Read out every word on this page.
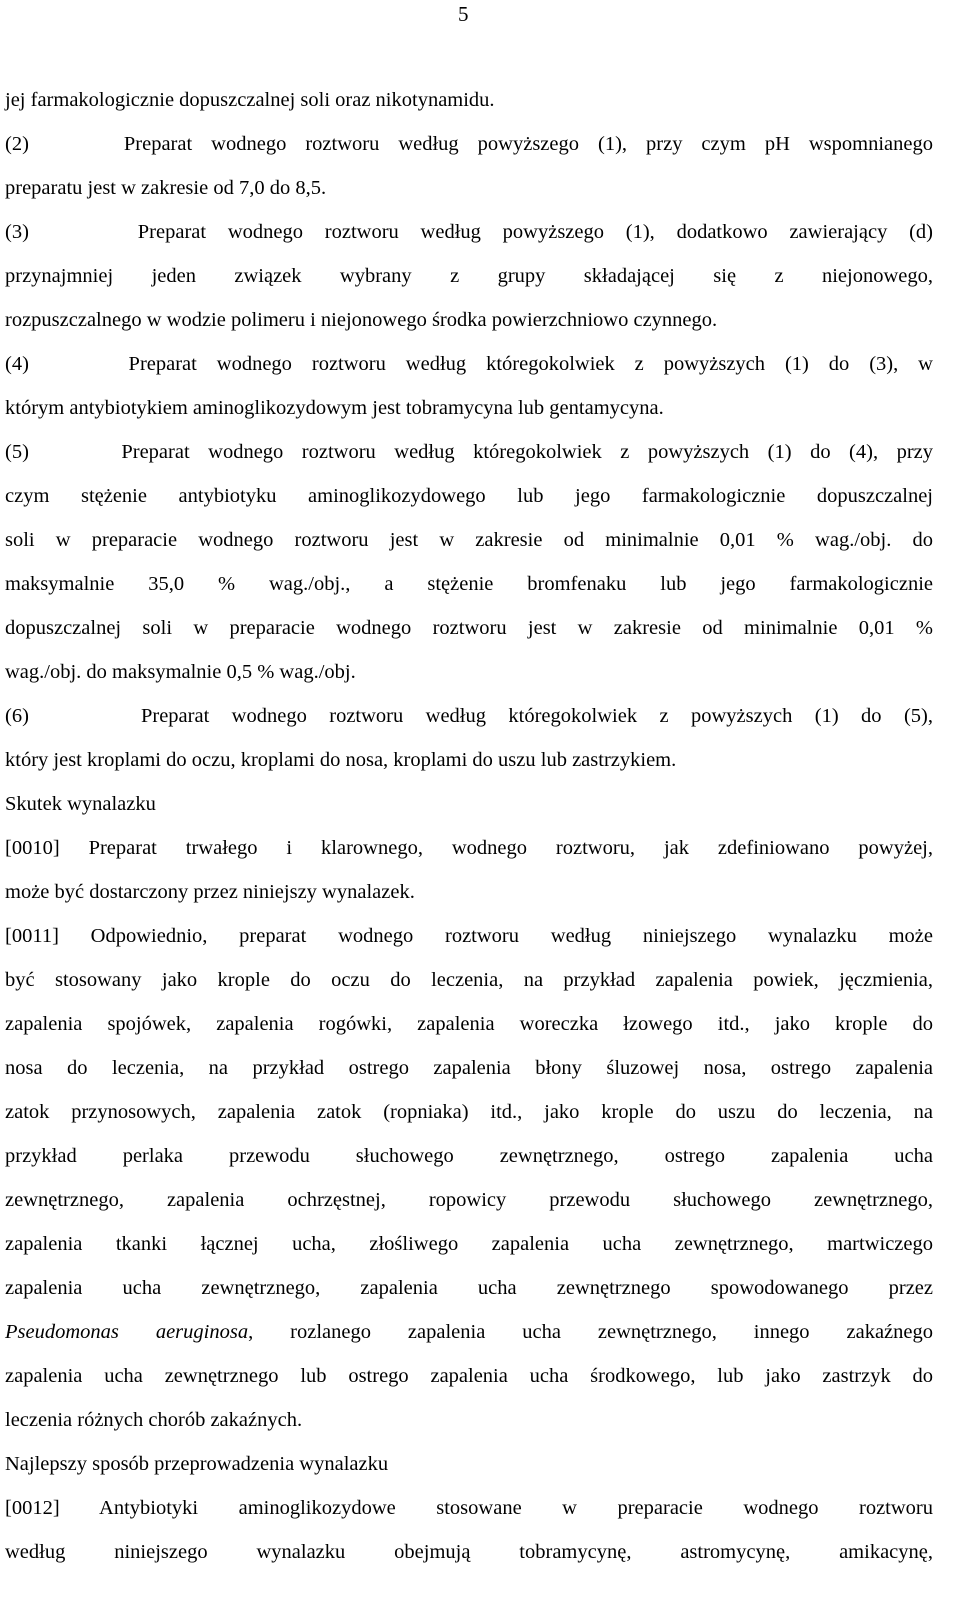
5
jej farmakologicznie dopuszczalnej soli oraz nikotynamidu.
(2)     Preparat wodnego roztworu według powyższego (1), przy czym pH wspomnianego
preparatu jest w zakresie od 7,0 do 8,5.
(3)     Preparat wodnego roztworu według powyższego (1), dodatkowo zawierający (d)
przynajmniej jeden związek wybrany z grupy składającej się z niejonowego,
rozpuszczalnego w wodzie polimeru i niejonowego środka powierzchniowo czynnego.
(4)     Preparat wodnego roztworu według któregokolwiek z powyższych (1) do (3), w
którym antybiotykiem aminoglikozydowym jest tobramycyna lub gentamycyna.
(5)     Preparat wodnego roztworu według któregokolwiek z powyższych (1) do (4), przy
czym stężenie antybiotyku aminoglikozydowego lub jego farmakologicznie dopuszczalnej
soli w preparacie wodnego roztworu jest w zakresie od minimalnie 0,01 % wag./obj. do
maksymalnie 35,0 % wag./obj., a stężenie bromfenaku lub jego farmakologicznie
dopuszczalnej soli w preparacie wodnego roztworu jest w zakresie od minimalnie 0,01 %
wag./obj. do maksymalnie 0,5 % wag./obj.
(6)     Preparat wodnego roztworu według któregokolwiek z powyższych (1) do (5),
który jest kroplami do oczu, kroplami do nosa, kroplami do uszu lub zastrzykiem.
Skutek wynalazku
[0010] Preparat trwałego i klarownego, wodnego roztworu, jak zdefiniowano powyżej,
może być dostarczony przez niniejszy wynalazek.
[0011] Odpowiednio, preparat wodnego roztworu według niniejszego wynalazku może
być stosowany jako krople do oczu do leczenia, na przykład zapalenia powiek, jęczmienia,
zapalenia spojówek, zapalenia rogówki, zapalenia woreczka łzowego itd., jako krople do
nosa do leczenia, na przykład ostrego zapalenia błony śluzowej nosa, ostrego zapalenia
zatok przynosowych, zapalenia zatok (ropniaka) itd., jako krople do uszu do leczenia, na
przykład perlaka przewodu słuchowego zewnętrznego, ostrego zapalenia ucha
zewnętrznego, zapalenia ochrzęstnej, ropowicy przewodu słuchowego zewnętrznego,
zapalenia tkanki łącznej ucha, złośliwego zapalenia ucha zewnętrznego, martwiczego
zapalenia ucha zewnętrznego, zapalenia ucha zewnętrznego spowodowanego przez
Pseudomonas aeruginosa, rozlanego zapalenia ucha zewnętrznego, innego zakaźnego
zapalenia ucha zewnętrznego lub ostrego zapalenia ucha środkowego, lub jako zastrzyk do
leczenia różnych chorób zakaźnych.
Najlepszy sposób przeprowadzenia wynalazku
[0012] Antybiotyki aminoglikozydowe stosowane w preparacie wodnego roztworu
według niniejszego wynalazku obejmują tobramycynę, astromycynę, amikacynę,
